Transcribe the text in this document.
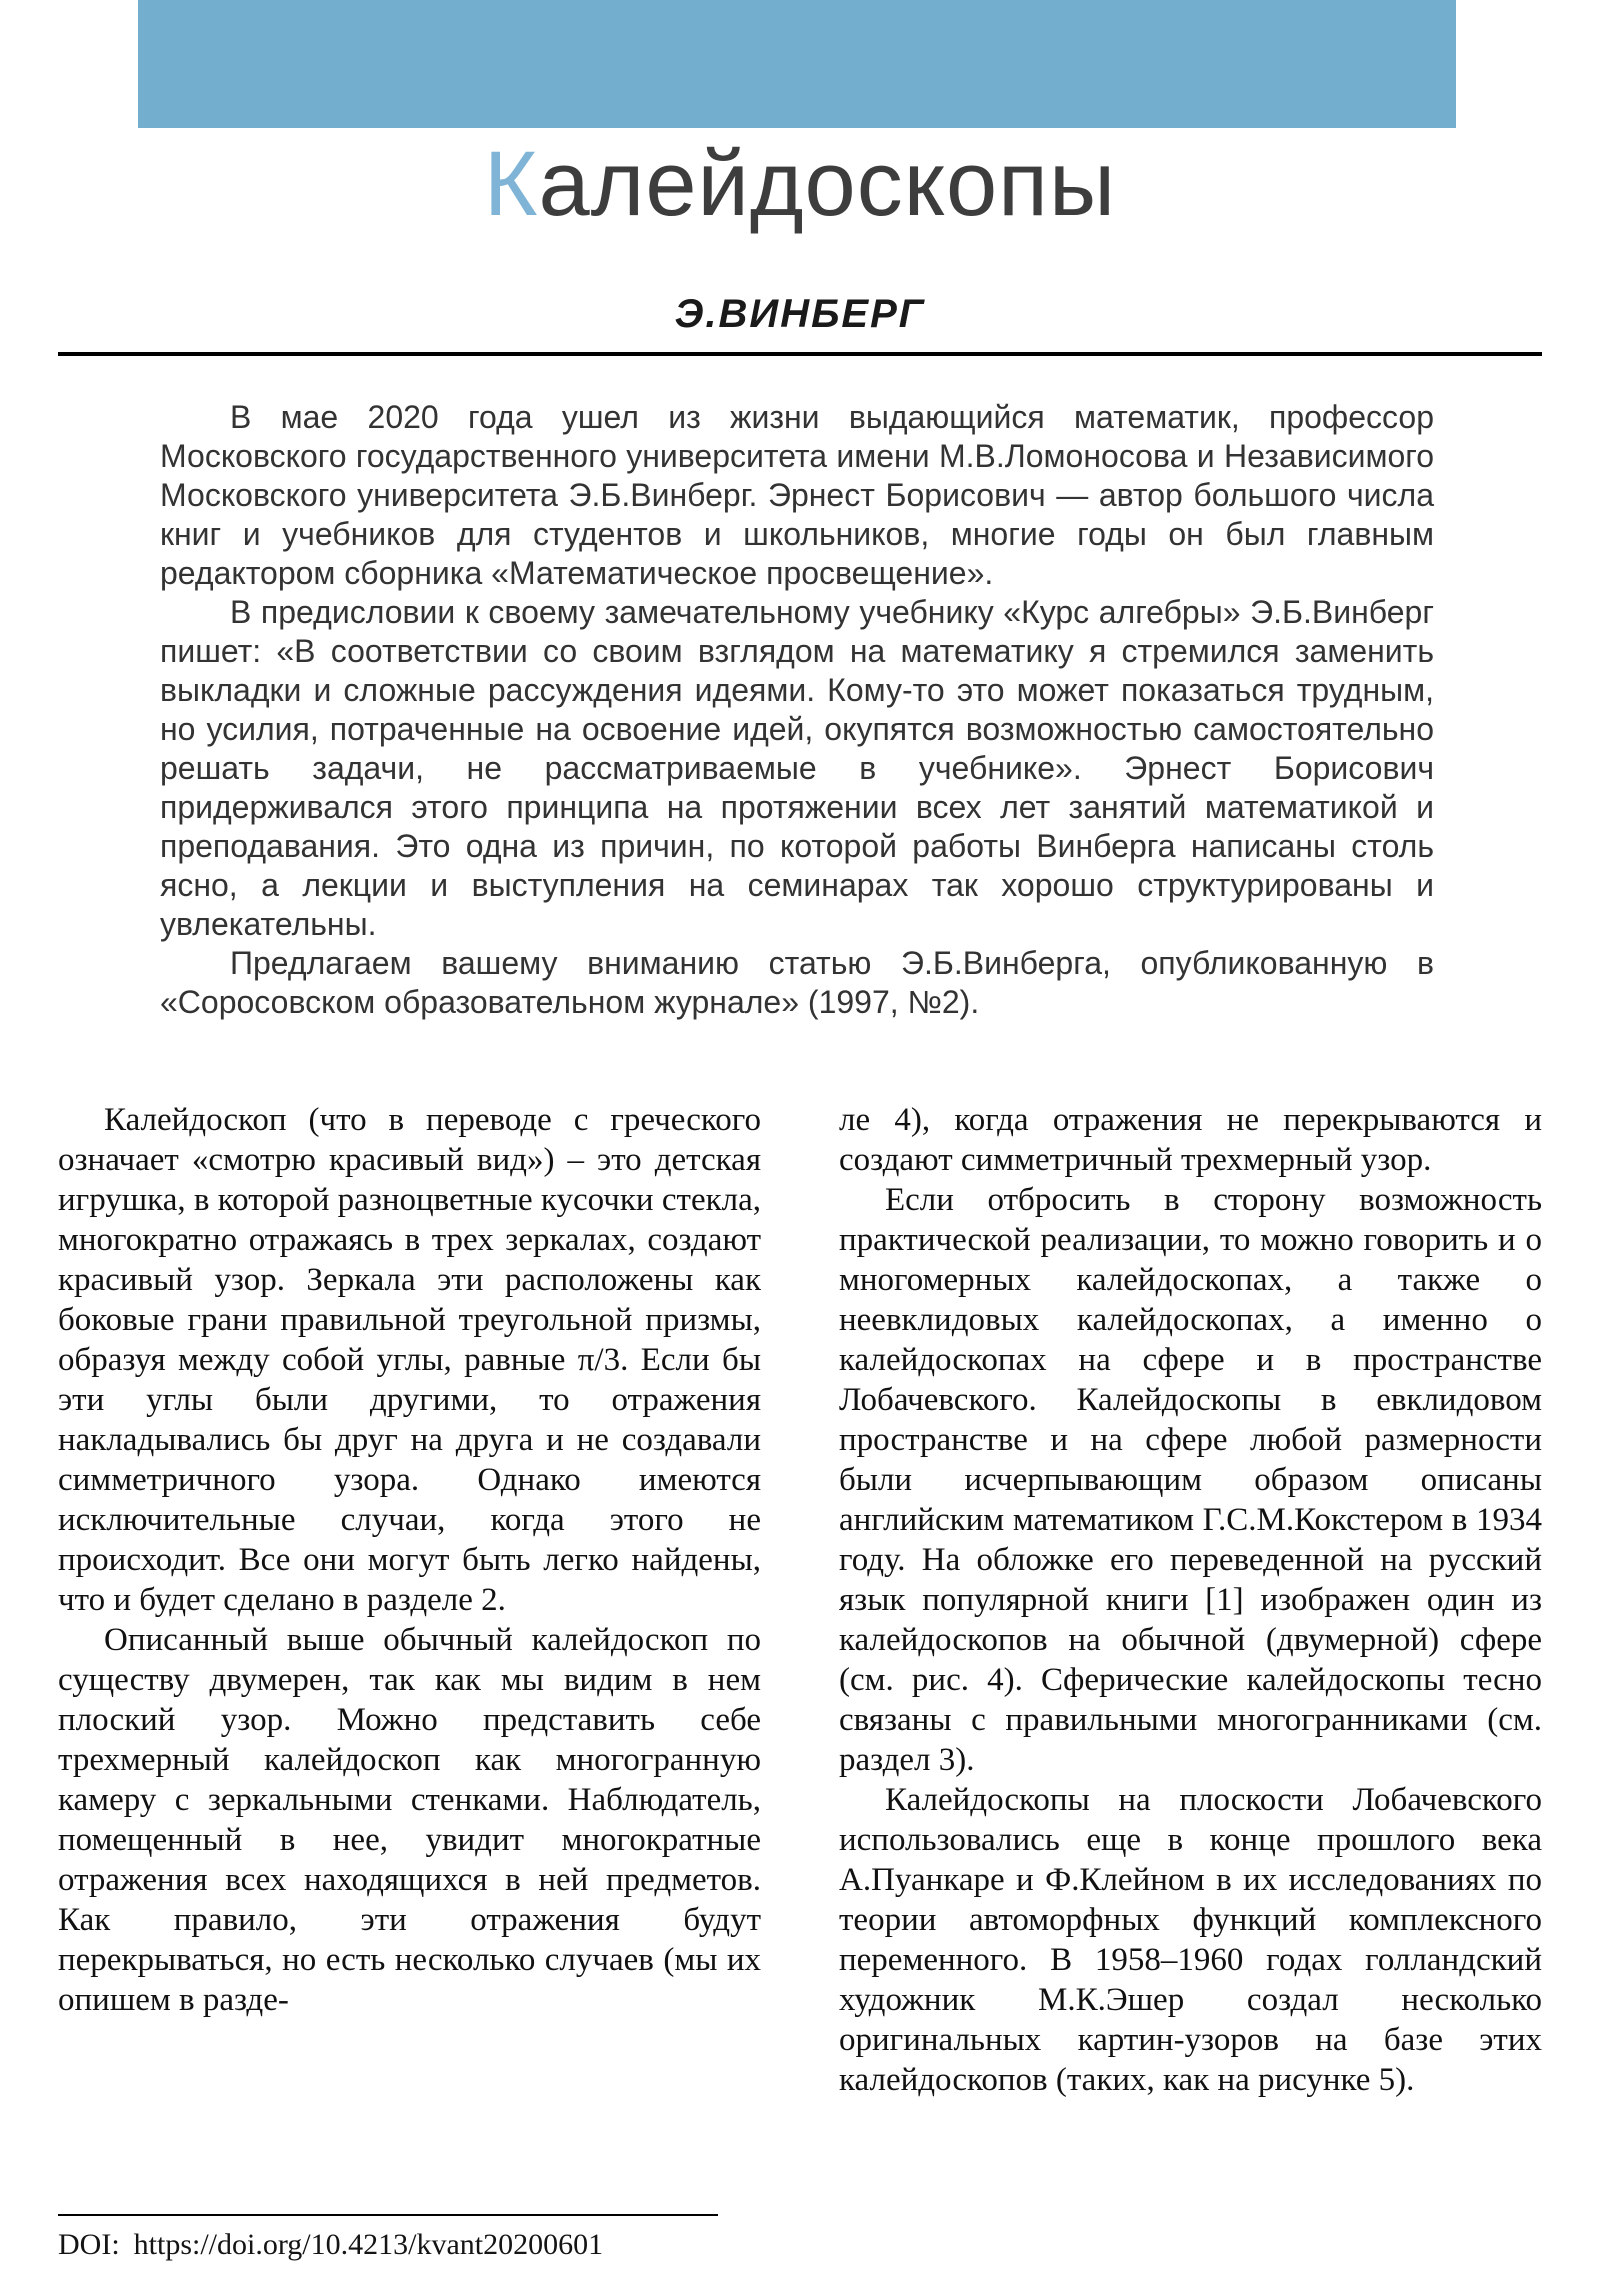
Калейдоскопы
Э.ВИНБЕРГ

В мае 2020 года ушел из жизни выдающийся математик, профессор Московского государственного университета имени М.В.Ломоносова и Независимого Московского университета Э.Б.Винберг. Эрнест Борисович — автор большого числа книг и учебников для студентов и школьников, многие годы он был главным редактором сборника «Математическое просвещение».

В предисловии к своему замечательному учебнику «Курс алгебры» Э.Б.Винберг пишет: «В соответствии со своим взглядом на математику я стремился заменить выкладки и сложные рассуждения идеями. Кому-то это может показаться трудным, но усилия, потраченные на освоение идей, окупятся возможностью самостоятельно решать задачи, не рассматриваемые в учебнике». Эрнест Борисович придерживался этого принципа на протяжении всех лет занятий математикой и преподавания. Это одна из причин, по которой работы Винберга написаны столь ясно, а лекции и выступления на семинарах так хорошо структурированы и увлекательны.

Предлагаем вашему вниманию статью Э.Б.Винберга, опубликованную в «Соросовском образовательном журнале» (1997, №2).

Калейдоскоп (что в переводе с греческого означает «смотрю красивый вид») – это детская игрушка, в которой разноцветные кусочки стекла, многократно отражаясь в трех зеркалах, создают красивый узор. Зеркала эти расположены как боковые грани правильной треугольной призмы, образуя между собой углы, равные π/3. Если бы эти углы были другими, то отражения накладывались бы друг на друга и не создавали симметричного узора. Однако имеются исключительные случаи, когда этого не происходит. Все они могут быть легко найдены, что и будет сделано в разделе 2.

Описанный выше обычный калейдоскоп по существу двумерен, так как мы видим в нем плоский узор. Можно представить себе трехмерный калейдоскоп как многогранную камеру с зеркальными стенками. Наблюдатель, помещенный в нее, увидит многократные отражения всех находящихся в ней предметов. Как правило, эти отражения будут перекрываться, но есть несколько случаев (мы их опишем в разде-

ле 4), когда отражения не перекрываются и создают симметричный трехмерный узор.

Если отбросить в сторону возможность практической реализации, то можно говорить и о многомерных калейдоскопах, а также о неевклидовых калейдоскопах, а именно о калейдоскопах на сфере и в пространстве Лобачевского. Калейдоскопы в евклидовом пространстве и на сфере любой размерности были исчерпывающим образом описаны английским математиком Г.С.М.Кокстером в 1934 году. На обложке его переведенной на русский язык популярной книги [1] изображен один из калейдоскопов на обычной (двумерной) сфере (см. рис. 4). Сферические калейдоскопы тесно связаны с правильными многогранниками (см. раздел 3).

Калейдоскопы на плоскости Лобачевского использовались еще в конце прошлого века А.Пуанкаре и Ф.Клейном в их исследованиях по теории автоморфных функций комплексного переменного. В 1958–1960 годах голландский художник М.К.Эшер создал несколько оригинальных картин-узоров на базе этих калейдоскопов (таких, как на рисунке 5).

DOI: https://doi.org/10.4213/kvant20200601
